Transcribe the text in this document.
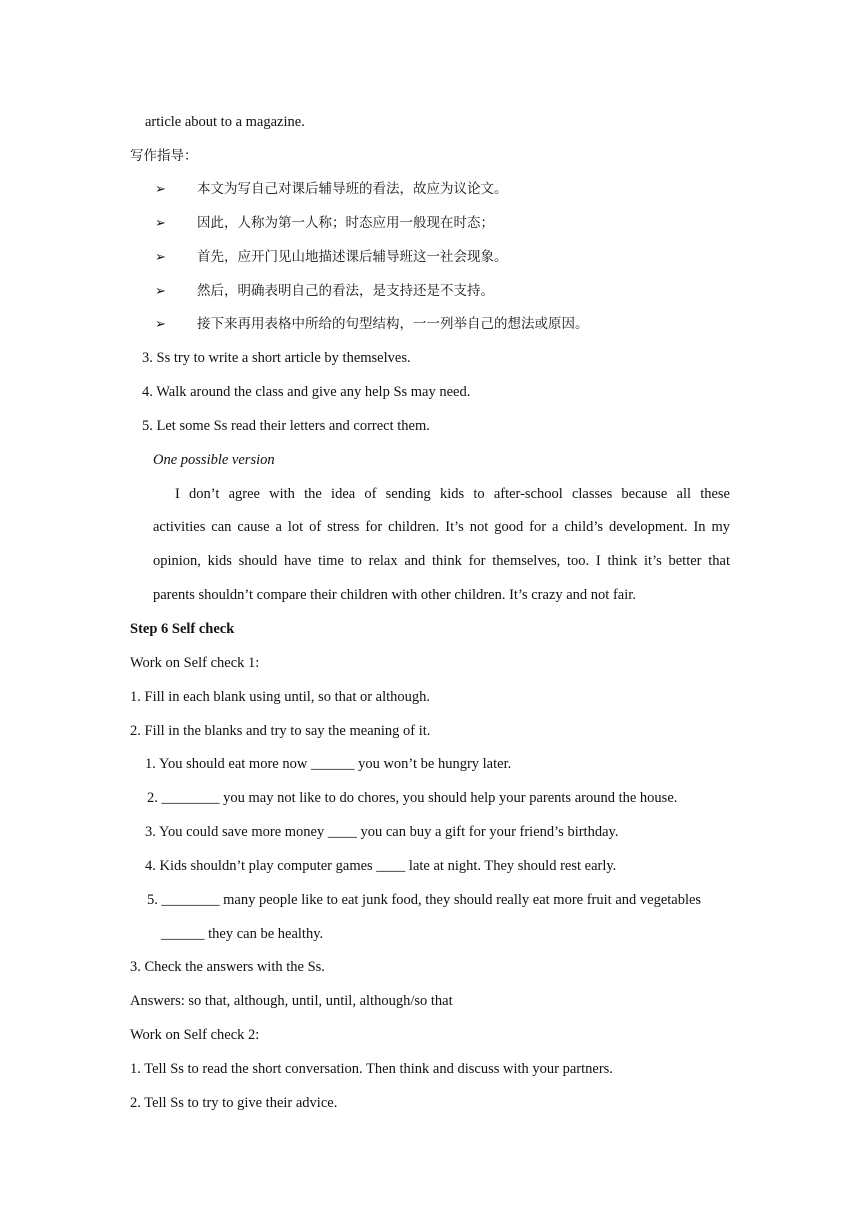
article about to a magazine.
写作指导：
➢ 本文为写自己对课后辅导班的看法，故应为议论文。
➢ 因此，人称为第一人称；时态应用一般现在时态；
➢ 首先，应开门见山地描述课后辅导班这一社会现象。
➢ 然后，明确表明自己的看法，是支持还是不支持。
➢ 接下来再用表格中所给的句型结构，一一列举自己的想法或原因。
3. Ss try to write a short article by themselves.
4. Walk around the class and give any help Ss may need.
5. Let some Ss read their letters and correct them.
One possible version
I don’t agree with the idea of sending kids to after-school classes because all these
activities can cause a lot of stress for children. It’s not good for a child’s development. In my
opinion, kids should have time to relax and think for themselves, too. I think it’s better that
parents shouldn’t compare their children with other children. It’s crazy and not fair.
Step 6 Self check
Work on Self check 1:
1. Fill in each blank using until, so that or although.
2. Fill in the blanks and try to say the meaning of it.
1. You should eat more now ______ you won’t be hungry later.
2. ________ you may not like to do chores, you should help your parents around the house.
3. You could save more money ____ you can buy a gift for your friend’s birthday.
4. Kids shouldn’t play computer games ____ late at night. They should rest early.
5. ________ many people like to eat junk food, they should really eat more fruit and vegetables
______ they can be healthy.
3. Check the answers with the Ss.
Answers: so that, although, until, until, although/so that
Work on Self check 2:
1. Tell Ss to read the short conversation. Then think and discuss with your partners.
2. Tell Ss to try to give their advice.
